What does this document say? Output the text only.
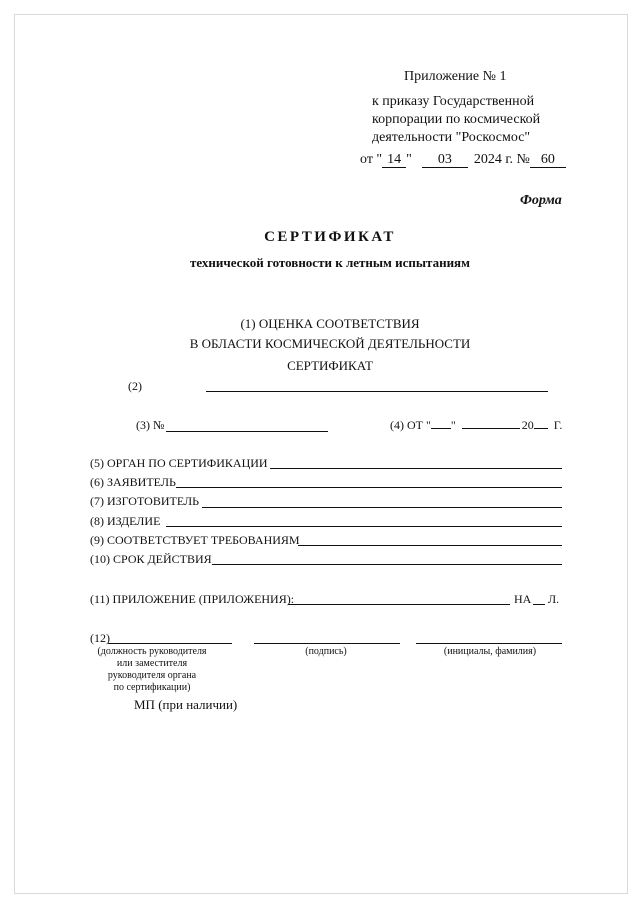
Приложение № 1
к приказу Государственной
корпорации по космической
деятельности "Роскосмос"
от " 14 " 03 2024 г. № 60
Форма
СЕРТИФИКАТ
технической готовности к летным испытаниям
(1) ОЦЕНКА СООТВЕТСТВИЯ
В ОБЛАСТИ КОСМИЧЕСКОЙ ДЕЯТЕЛЬНОСТИ
СЕРТИФИКАТ
(2)
(3) №	(4) ОТ " "	20 Г.
(5) ОРГАН ПО СЕРТИФИКАЦИИ
(6) ЗАЯВИТЕЛЬ
(7) ИЗГОТОВИТЕЛЬ
(8) ИЗДЕЛИЕ
(9) СООТВЕТСТВУЕТ ТРЕБОВАНИЯМ
(10) СРОК ДЕЙСТВИЯ
(11) ПРИЛОЖЕНИЕ (ПРИЛОЖЕНИЯ):	НА Л.
(12)
(должность руководителя
или заместителя
руководителя органа
по сертификации)
(подпись)	(инициалы, фамилия)
МП (при наличии)
